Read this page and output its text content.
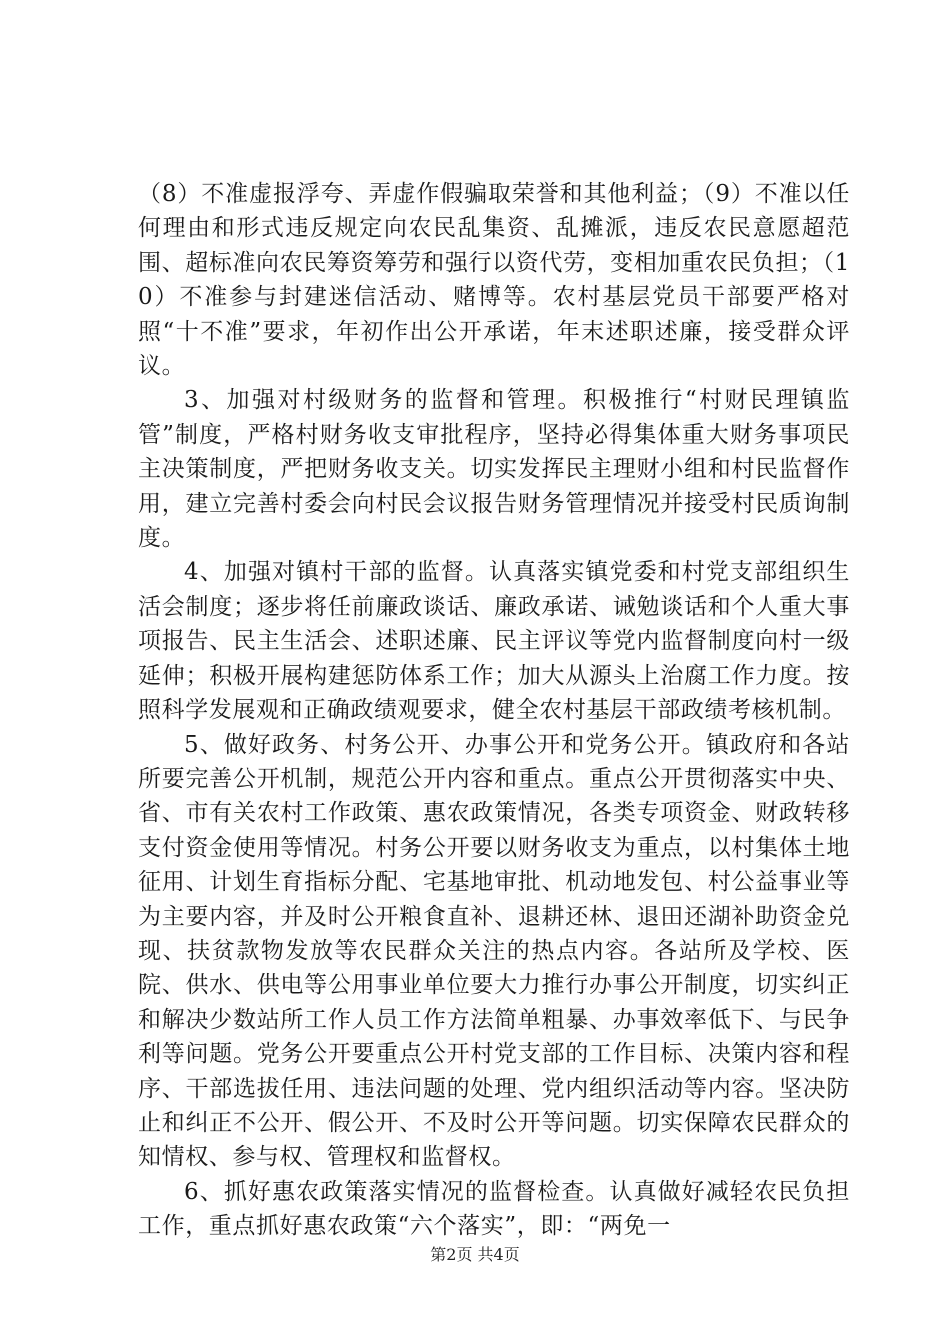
（8）不准虚报浮夸、弄虚作假骗取荣誉和其他利益；（9）不准以任何理由和形式违反规定向农民乱集资、乱摊派，违反农民意愿超范围、超标准向农民筹资筹劳和强行以资代劳，变相加重农民负担；（10）不准参与封建迷信活动、赌博等。农村基层党员干部要严格对照“十不准”要求，年初作出公开承诺，年末述职述廉，接受群众评议。

3、加强对村级财务的监督和管理。积极推行“村财民理镇监管”制度，严格村财务收支审批程序，坚持必得集体重大财务事项民主决策制度，严把财务收支关。切实发挥民主理财小组和村民监督作用，建立完善村委会向村民会议报告财务管理情况并接受村民质询制度。

4、加强对镇村干部的监督。认真落实镇党委和村党支部组织生活会制度；逐步将任前廉政谈话、廉政承诺、诫勉谈话和个人重大事项报告、民主生活会、述职述廉、民主评议等党内监督制度向村一级延伸；积极开展构建惩防体系工作；加大从源头上治腐工作力度。按照科学发展观和正确政绩观要求，健全农村基层干部政绩考核机制。

5、做好政务、村务公开、办事公开和党务公开。镇政府和各站所要完善公开机制，规范公开内容和重点。重点公开贯彻落实中央、省、市有关农村工作政策、惠农政策情况，各类专项资金、财政转移支付资金使用等情况。村务公开要以财务收支为重点，以村集体土地征用、计划生育指标分配、宅基地审批、机动地发包、村公益事业等为主要内容，并及时公开粮食直补、退耕还林、退田还湖补助资金兑现、扶贫款物发放等农民群众关注的热点内容。各站所及学校、医院、供水、供电等公用事业单位要大力推行办事公开制度，切实纠正和解决少数站所工作人员工作方法简单粗暴、办事效率低下、与民争利等问题。党务公开要重点公开村党支部的工作目标、决策内容和程序、干部选拔任用、违法问题的处理、党内组织活动等内容。坚决防止和纠正不公开、假公开、不及时公开等问题。切实保障农民群众的知情权、参与权、管理权和监督权。

6、抓好惠农政策落实情况的监督检查。认真做好减轻农民负担工作，重点抓好惠农政策“六个落实”，即：“两免一

第2页 共4页
